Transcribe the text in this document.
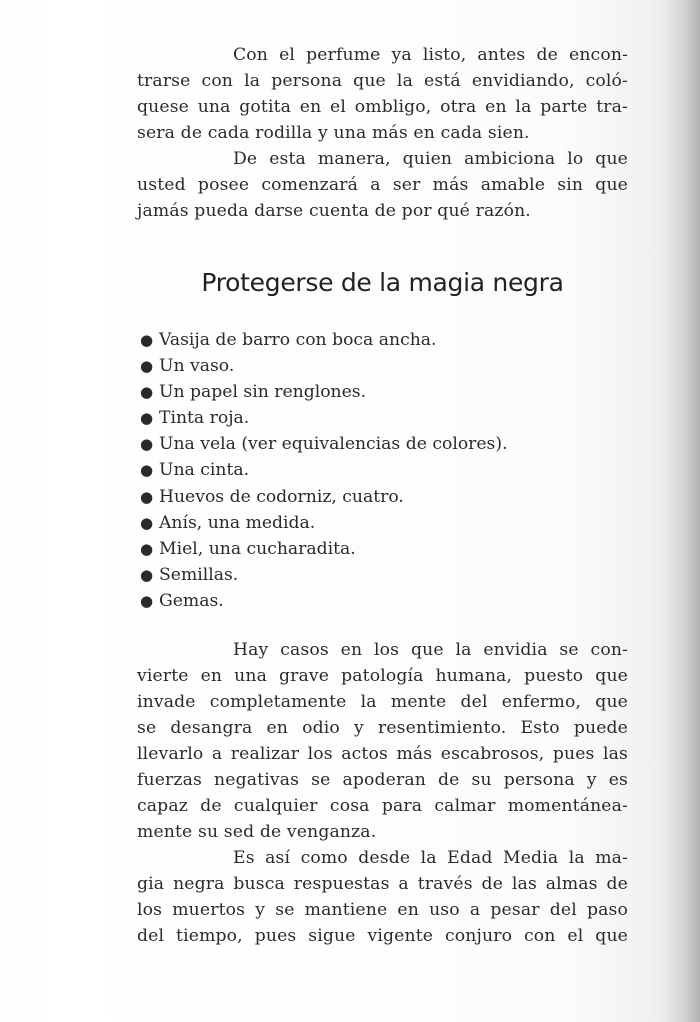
Con el perfume ya listo, antes de encon-
trarse con la persona que la está envidiando, coló-
quese una gotita en el ombligo, otra en la parte tra-
sera de cada rodilla y una más en cada sien.
De esta manera, quien ambiciona lo que
usted posee comenzará a ser más amable sin que
jamás pueda darse cuenta de por qué razón.
Protegerse de la magia negra
● Vasija de barro con boca ancha.
● Un vaso.
● Un papel sin renglones.
● Tinta roja.
● Una vela (ver equivalencias de colores).
● Una cinta.
● Huevos de codorniz, cuatro.
● Anís, una medida.
● Miel, una cucharadita.
● Semillas.
● Gemas.
Hay casos en los que la envidia se con-
vierte en una grave patología humana, puesto que
invade completamente la mente del enfermo, que
se desangra en odio y resentimiento. Esto puede
llevarlo a realizar los actos más escabrosos, pues las
fuerzas negativas se apoderan de su persona y es
capaz de cualquier cosa para calmar momentánea-
mente su sed de venganza.
Es así como desde la Edad Media la ma-
gia negra busca respuestas a través de las almas de
los muertos y se mantiene en uso a pesar del paso
del tiempo, pues sigue vigente conjuro con el que
